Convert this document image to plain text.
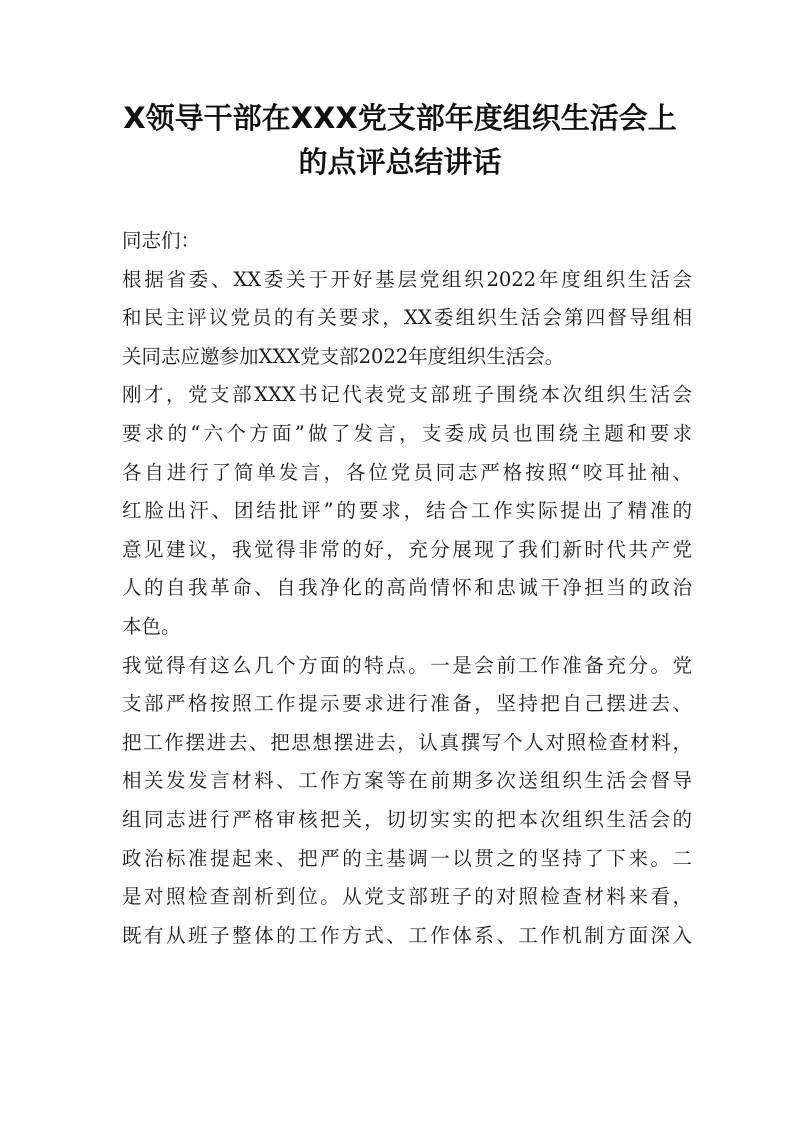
X领导干部在XXX党支部年度组织生活会上
的点评总结讲话
同志们：
根据省委、XX委关于开好基层党组织2022年度组织生活会
和民主评议党员的有关要求，XX委组织生活会第四督导组相
关同志应邀参加XXX党支部2022年度组织生活会。
刚才，党支部XXX书记代表党支部班子围绕本次组织生活会
要求的“六个方面”做了发言，支委成员也围绕主题和要求
各自进行了简单发言，各位党员同志严格按照“咬耳扯袖、
红脸出汗、团结批评”的要求，结合工作实际提出了精准的
意见建议，我觉得非常的好，充分展现了我们新时代共产党
人的自我革命、自我净化的高尚情怀和忠诚干净担当的政治
本色。
我觉得有这么几个方面的特点。一是会前工作准备充分。党
支部严格按照工作提示要求进行准备，坚持把自己摆进去、
把工作摆进去、把思想摆进去，认真撰写个人对照检查材料，
相关发发言材料、工作方案等在前期多次送组织生活会督导
组同志进行严格审核把关，切切实实的把本次组织生活会的
政治标准提起来、把严的主基调一以贯之的坚持了下来。二
是对照检查剖析到位。从党支部班子的对照检查材料来看，
既有从班子整体的工作方式、工作体系、工作机制方面深入
